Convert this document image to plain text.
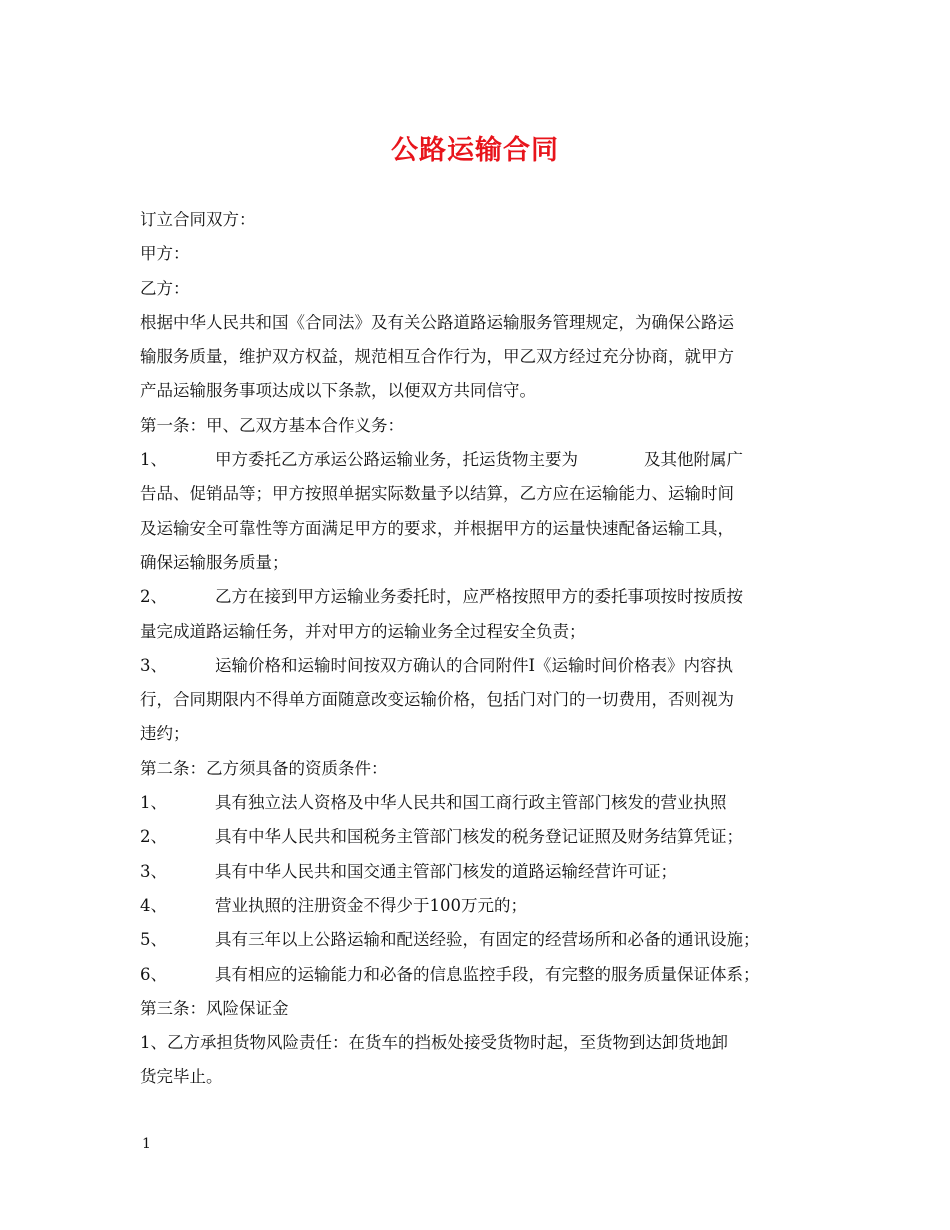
公路运输合同
订立合同双方：
甲方：
乙方：
根据中华人民共和国《合同法》及有关公路道路运输服务管理规定，为确保公路运
输服务质量，维护双方权益，规范相互合作行为，甲乙双方经过充分协商，就甲方
产品运输服务事项达成以下条款，以便双方共同信守。
第一条：甲、乙双方基本合作义务：
1、	甲方委托乙方承运公路运输业务，托运货物主要为	及其他附属广
告品、促销品等；甲方按照单据实际数量予以结算，乙方应在运输能力、运输时间
及运输安全可靠性等方面满足甲方的要求，并根据甲方的运量快速配备运输工具，
确保运输服务质量；
2、	乙方在接到甲方运输业务委托时，应严格按照甲方的委托事项按时按质按
量完成道路运输任务，并对甲方的运输业务全过程安全负责；
3、	运输价格和运输时间按双方确认的合同附件Ⅰ《运输时间价格表》内容执
行，合同期限内不得单方面随意改变运输价格，包括门对门的一切费用，否则视为
违约；
第二条：乙方须具备的资质条件：
1、	具有独立法人资格及中华人民共和国工商行政主管部门核发的营业执照
2、	具有中华人民共和国税务主管部门核发的税务登记证照及财务结算凭证；
3、	具有中华人民共和国交通主管部门核发的道路运输经营许可证；
4、	营业执照的注册资金不得少于100万元的；
5、	具有三年以上公路运输和配送经验，有固定的经营场所和必备的通讯设施；
6、	具有相应的运输能力和必备的信息监控手段，有完整的服务质量保证体系；
第三条：风险保证金
1、乙方承担货物风险责任：在货车的挡板处接受货物时起，至货物到达卸货地卸
货完毕止。
1
